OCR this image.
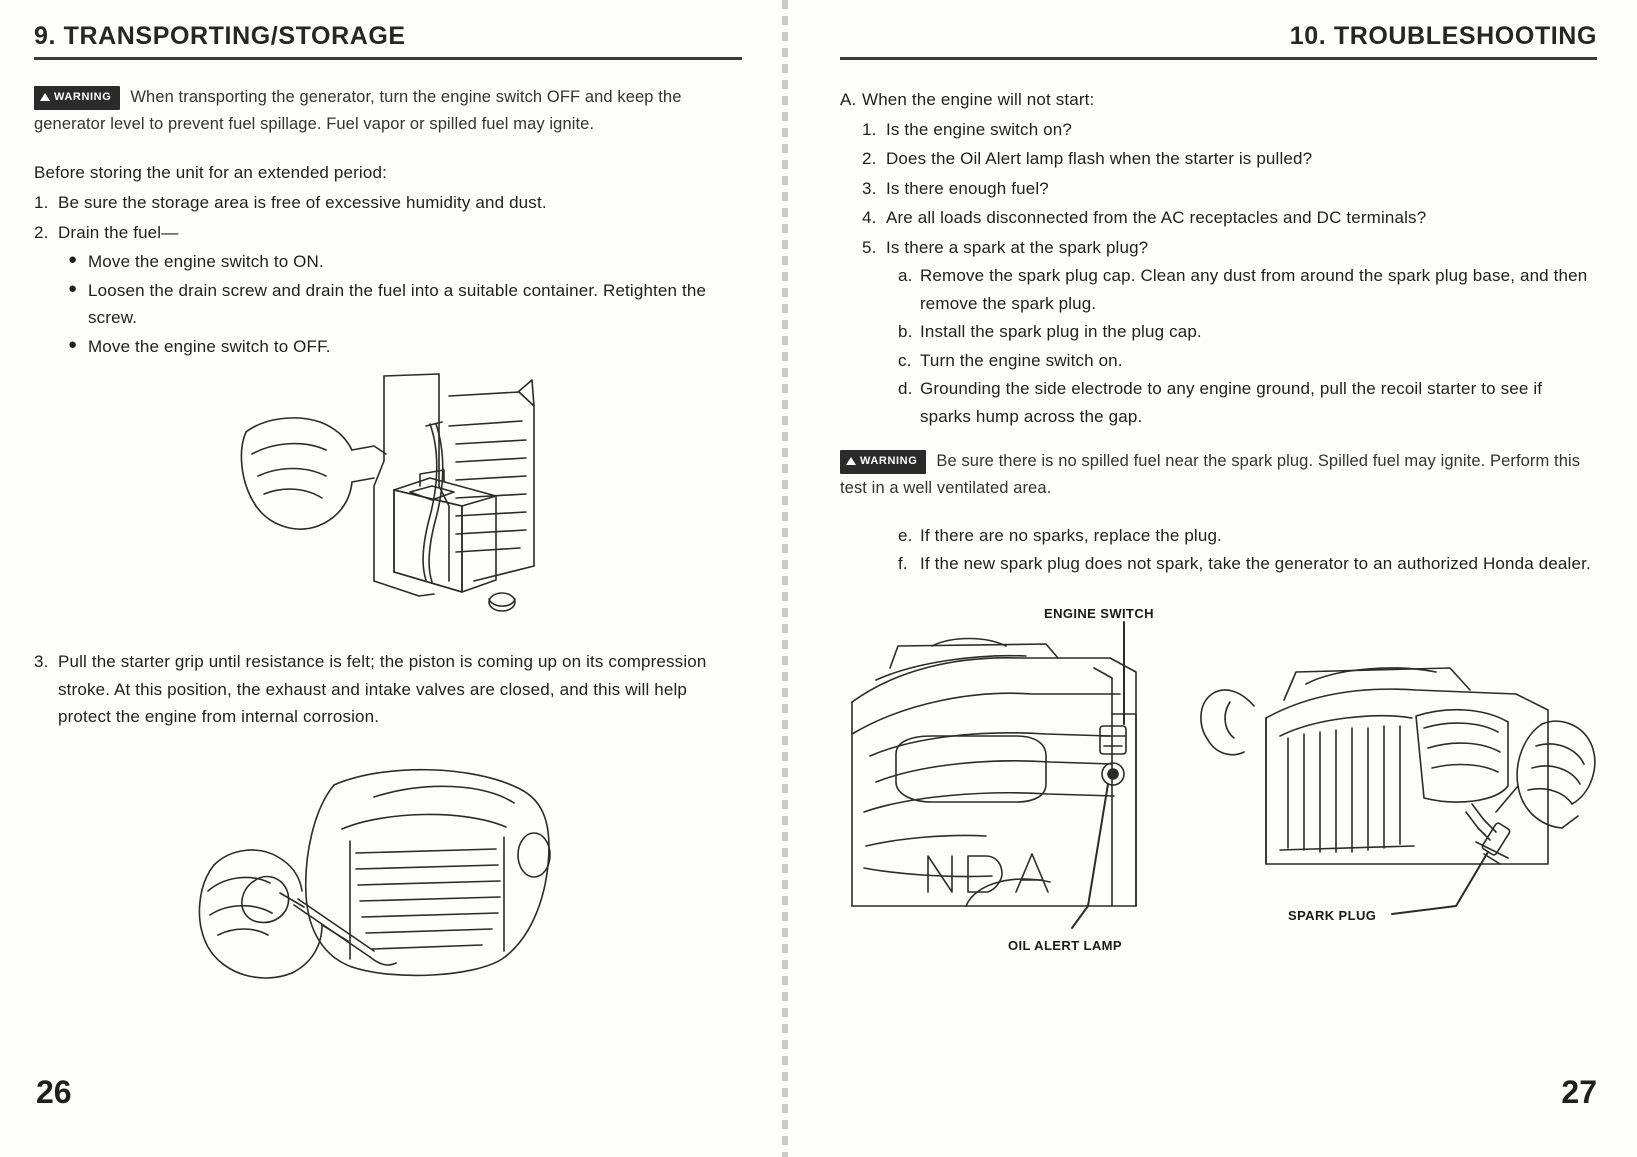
9. TRANSPORTING/STORAGE
WARNING When transporting the generator, turn the engine switch OFF and keep the generator level to prevent fuel spillage. Fuel vapor or spilled fuel may ignite.
Before storing the unit for an extended period:
1. Be sure the storage area is free of excessive humidity and dust.
2. Drain the fuel—
● Move the engine switch to ON.
● Loosen the drain screw and drain the fuel into a suitable container. Retighten the screw.
● Move the engine switch to OFF.
3. Pull the starter grip until resistance is felt; the piston is coming up on its compression stroke. At this position, the exhaust and intake valves are closed, and this will help protect the engine from internal corrosion.
26
10. TROUBLESHOOTING
A. When the engine will not start:
1. Is the engine switch on?
2. Does the Oil Alert lamp flash when the starter is pulled?
3. Is there enough fuel?
4. Are all loads disconnected from the AC receptacles and DC terminals?
5. Is there a spark at the spark plug?
a. Remove the spark plug cap. Clean any dust from around the spark plug base, and then remove the spark plug.
b. Install the spark plug in the plug cap.
c. Turn the engine switch on.
d. Grounding the side electrode to any engine ground, pull the recoil starter to see if sparks hump across the gap.
WARNING Be sure there is no spilled fuel near the spark plug. Spilled fuel may ignite. Perform this test in a well ventilated area.
e. If there are no sparks, replace the plug.
f. If the new spark plug does not spark, take the generator to an authorized Honda dealer.
ENGINE SWITCH
OIL ALERT LAMP
SPARK PLUG
27
